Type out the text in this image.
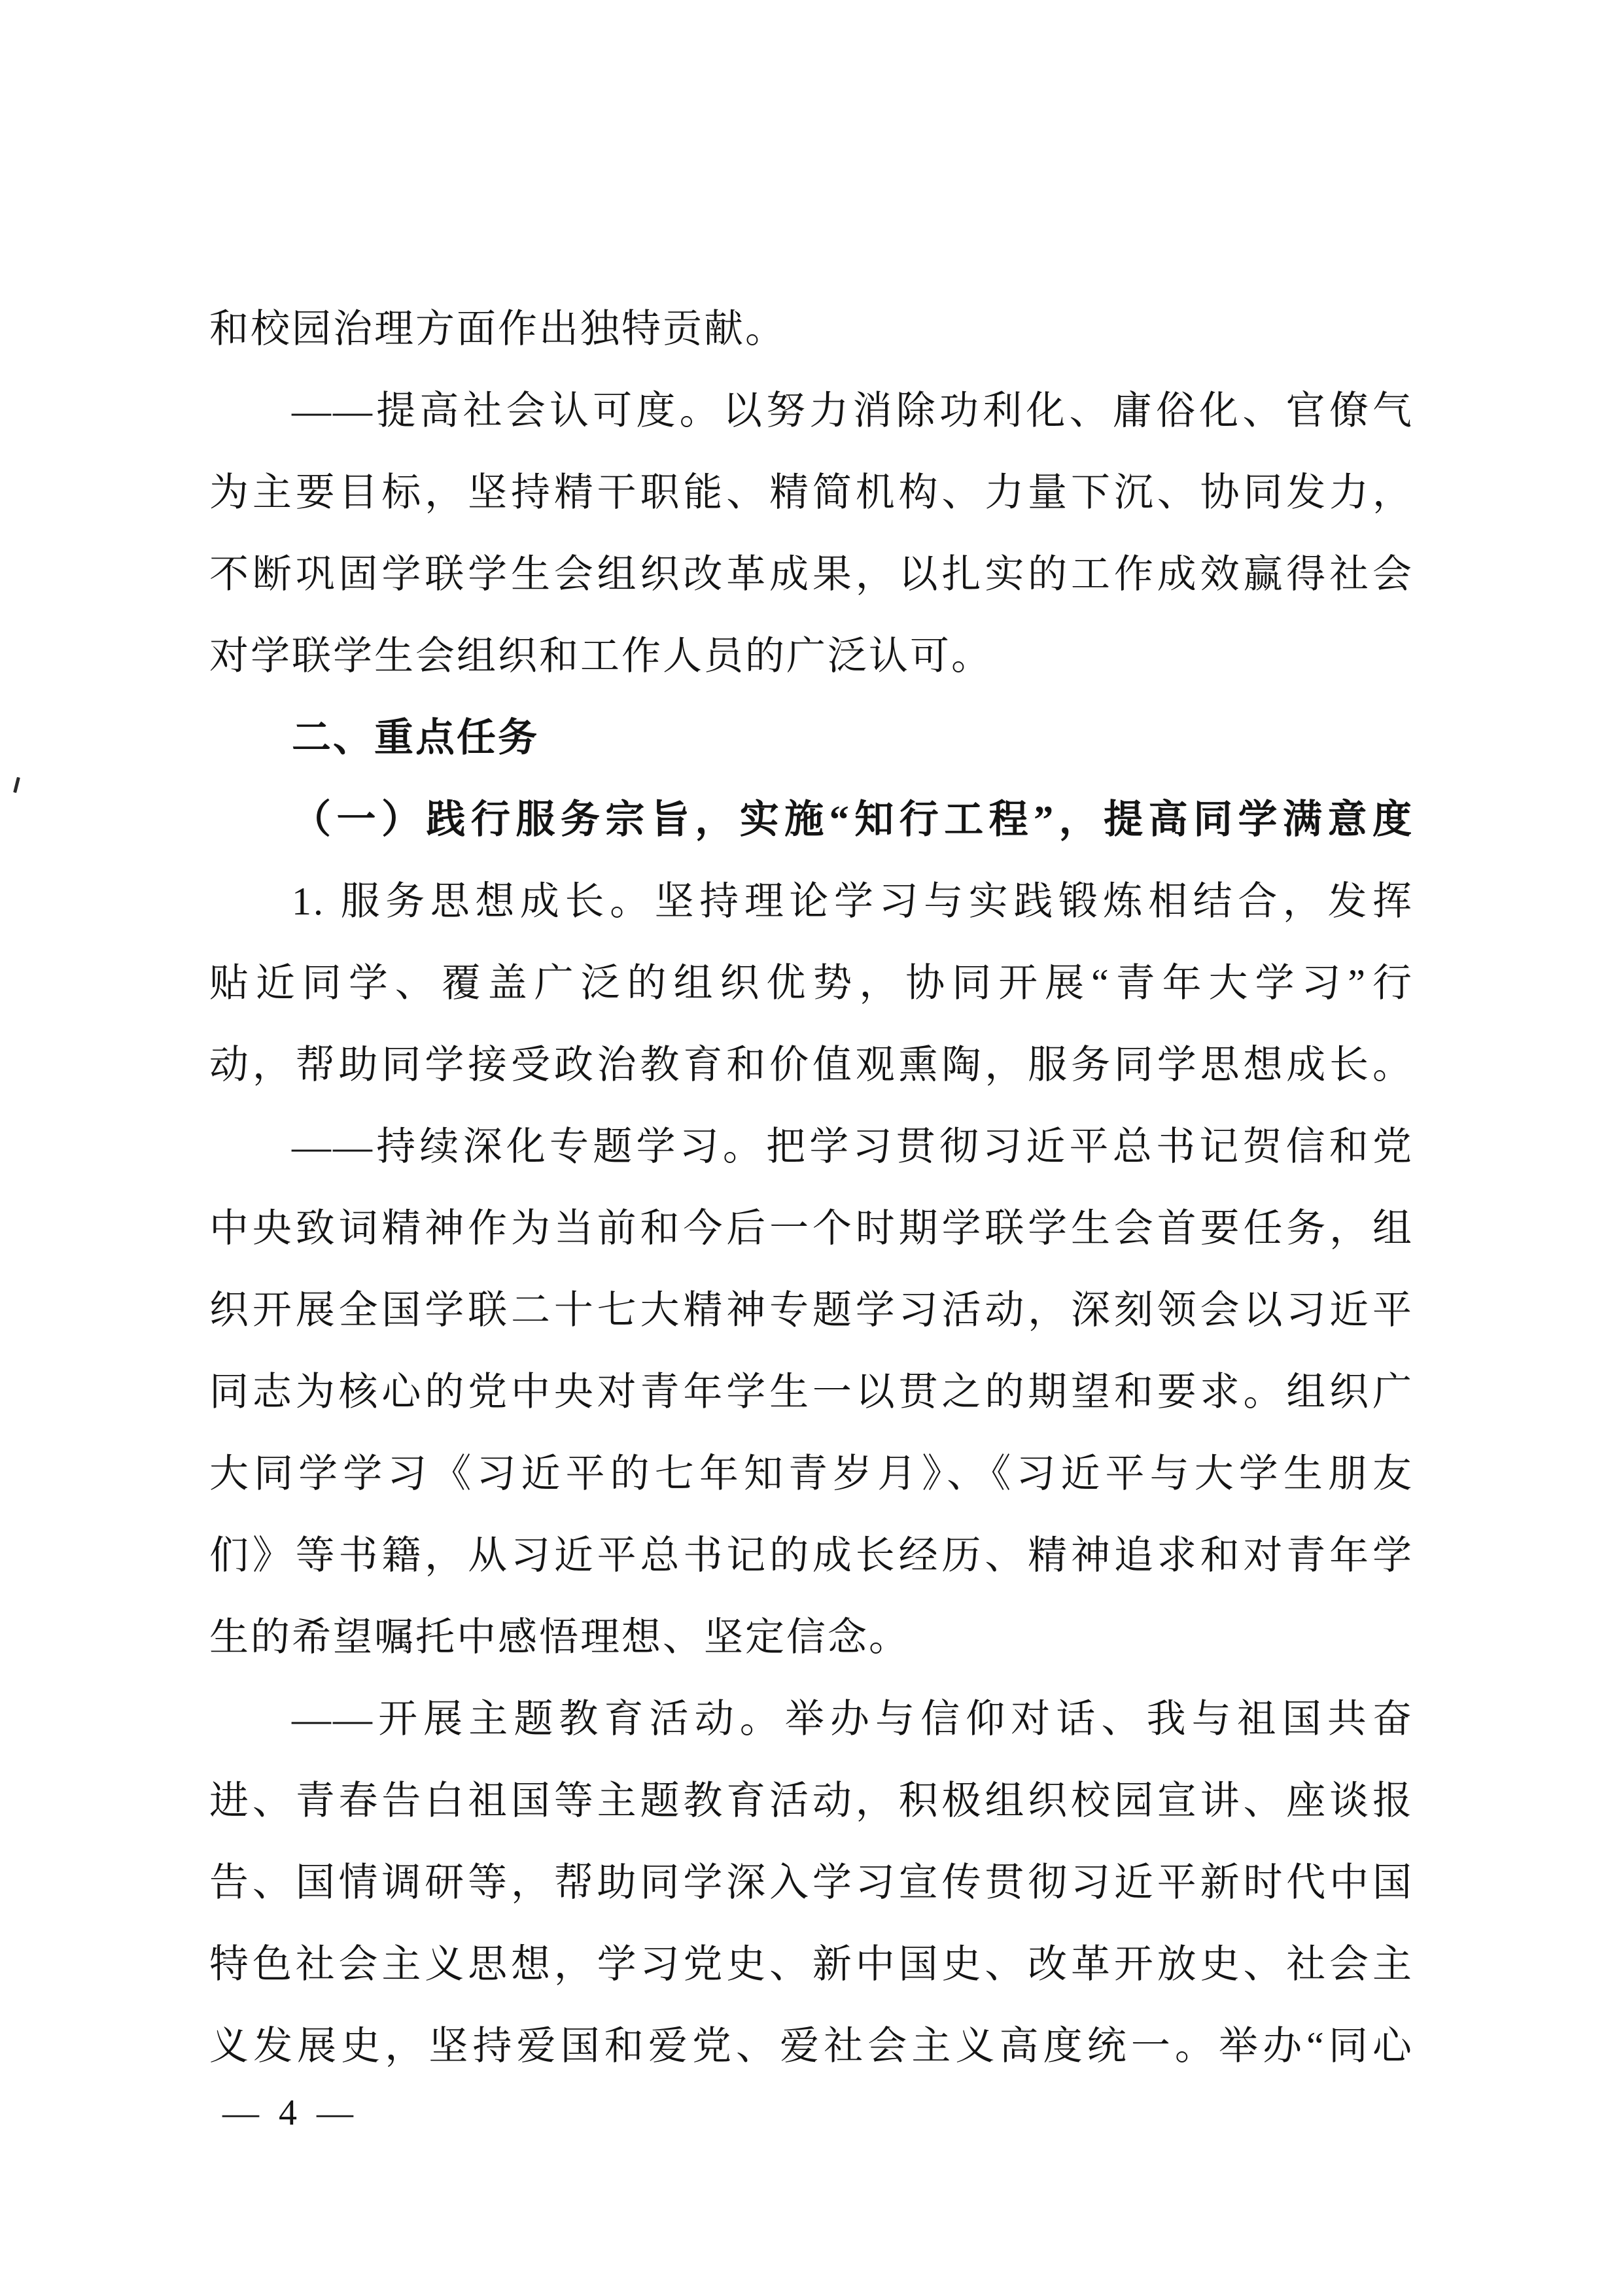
和校园治理方面作出独特贡献。
——提高社会认可度。以努力消除功利化、庸俗化、官僚气
为主要目标，坚持精干职能、精简机构、力量下沉、协同发力，
不断巩固学联学生会组织改革成果，以扎实的工作成效赢得社会
对学联学生会组织和工作人员的广泛认可。
二、重点任务
（一）践行服务宗旨，实施“知行工程”，提高同学满意度
1. 服务思想成长。坚持理论学习与实践锻炼相结合，发挥
贴近同学、覆盖广泛的组织优势，协同开展“青年大学习”行
动，帮助同学接受政治教育和价值观熏陶，服务同学思想成长。
——持续深化专题学习。把学习贯彻习近平总书记贺信和党
中央致词精神作为当前和今后一个时期学联学生会首要任务，组
织开展全国学联二十七大精神专题学习活动，深刻领会以习近平
同志为核心的党中央对青年学生一以贯之的期望和要求。组织广
大同学学习《习近平的七年知青岁月》、《习近平与大学生朋友
们》等书籍，从习近平总书记的成长经历、精神追求和对青年学
生的希望嘱托中感悟理想、坚定信念。
——开展主题教育活动。举办与信仰对话、我与祖国共奋
进、青春告白祖国等主题教育活动，积极组织校园宣讲、座谈报
告、国情调研等，帮助同学深入学习宣传贯彻习近平新时代中国
特色社会主义思想，学习党史、新中国史、改革开放史、社会主
义发展史，坚持爱国和爱党、爱社会主义高度统一。举办“同心
— 4 —
